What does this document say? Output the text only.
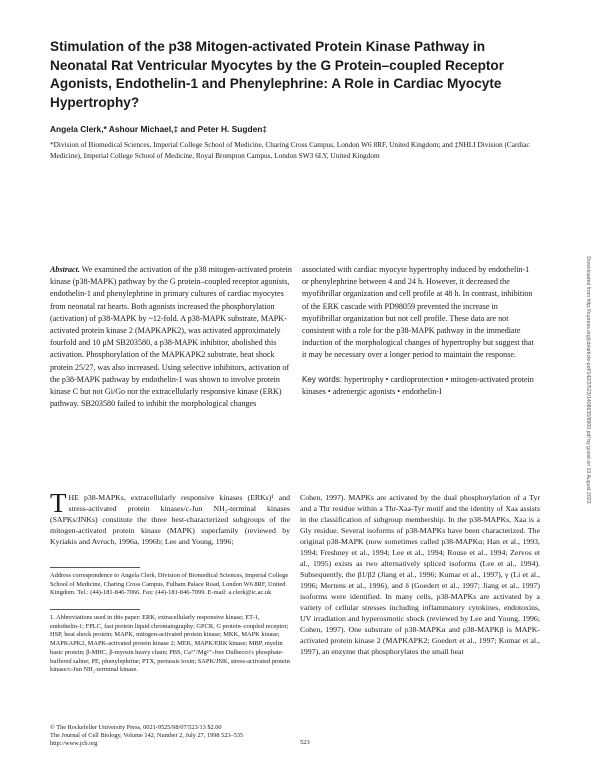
Stimulation of the p38 Mitogen-activated Protein Kinase Pathway in Neonatal Rat Ventricular Myocytes by the G Protein–coupled Receptor Agonists, Endothelin-1 and Phenylephrine: A Role in Cardiac Myocyte Hypertrophy?
Angela Clerk,* Ashour Michael,‡ and Peter H. Sugden‡
*Division of Biomedical Sciences, Imperial College School of Medicine, Charing Cross Campus, London W6 8RF, United Kingdom; and ‡NHLI Division (Cardiac Medicine), Imperial College School of Medicine, Royal Brompton Campus, London SW3 6LY, United Kingdom
Abstract. We examined the activation of the p38 mitogen-activated protein kinase (p38-MAPK) pathway by the G protein–coupled receptor agonists, endothelin-1 and phenylephrine in primary cultures of cardiac myocytes from neonatal rat hearts. Both agonists increased the phosphorylation (activation) of p38-MAPK by ~12-fold. A p38-MAPK substrate, MAPK-activated protein kinase 2 (MAPKAPK2), was activated approximately fourfold and 10 μM SB203580, a p38-MAPK inhibitor, abolished this activation. Phosphorylation of the MAPKAPK2 substrate, heat shock protein 25/27, was also increased. Using selective inhibitors, activation of the p38-MAPK pathway by endothelin-1 was shown to involve protein kinase C but not Gi/Go nor the extracellularly responsive kinase (ERK) pathway. SB203580 failed to inhibit the morphological changes

associated with cardiac myocyte hypertrophy induced by endothelin-1 or phenylephrine between 4 and 24 h. However, it decreased the myofibrillar organization and cell profile at 48 h. In contrast, inhibition of the ERK cascade with PD98059 prevented the increase in myofibrillar organization but not cell profile. These data are not consistent with a role for the p38-MAPK pathway in the immediate induction of the morphological changes of hypertrophy but suggest that it may be necessary over a longer period to maintain the response.

Key words: hypertrophy • cardioprotection • mitogen-activated protein kinases • adrenergic agonists • endothelin-I

T HE p38-MAPKs, extracellularly responsive kinases (ERKs)¹ and stress-activated protein kinases/c-Jun NH₂-terminal kinases (SAPKs/JNKs) constitute the three best-characterized subgroups of the mitogen-activated protein kinase (MAPK) superfamily (reviewed by Kyriakis and Avruch, 1996a, 1996b; Lee and Young, 1996;
Cohen, 1997). MAPKs are activated by the dual phosphorylation of a Tyr and a Thr residue within a Thr-Xaa-Tyr motif and the identity of Xaa assists in the classification of subgroup membership. In the p38-MAPKs, Xaa is a Gly residue. Several isoforms of p38-MAPKs have been characterized. The original p38-MAPK (now sometimes called p38-MAPKα; Han et al., 1993, 1994; Freshney et al., 1994; Lee et al., 1994; Rouse et al., 1994; Zervos et al., 1995) exists as two alternatively spliced isoforms (Lee et al., 1994). Subsequently, the β1/β2 (Jiang et al., 1996; Kumar et al., 1997), γ (Li et al., 1996; Mertens et al., 1996), and δ (Goedert et al., 1997; Jiang et al., 1997) isoforms were identified. In many cells, p38-MAPKs are activated by a variety of cellular stresses including inflammatory cytokines, endotoxins, UV irradiation and hyperosmotic shock (reviewed by Lee and Young, 1996; Cohen, 1997). One substrate of p38-MAPKα and p38-MAPKβ is MAPK-activated protein kinase 2 (MAPKAPK2; Goedert et al., 1997; Kumar et al., 1997), an enzyme that phosphorylates the small heat
Address correspondence to Angela Clerk, Division of Biomedical Sciences, Imperial College School of Medicine, Charing Cross Campus, Fulham Palace Road, London W6 8RF, United Kingdom. Tel.: (44)-181-846-7066. Fax: (44)-181-846-7099. E-mail: a.clerk@ic.ac.uk
1. Abbreviations used in this paper: ERK, extracellularly responsive kinase; ET-1, endothelin-1; FPLC, fast protein liquid chromatography; GPCR, G protein–coupled receptor; HSP, heat shock protein; MAPK, mitogen-activated protein kinase; MKK, MAPK kinase; MAPKAPK2, MAPK-activated protein kinase 2; MEK, MAPK/ERK kinase; MBP, myelin basic protein; β-MHC, β-myosin heavy chain; PBS, Ca²⁺/Mg²⁺-free Dulbecco's phosphate-buffered saline; PE, phenylephrine; PTX, pertussis toxin; SAPK/JNK, stress-activated protein kinase/c-Jun NH₂-terminal kinase.
© The Rockefeller University Press, 0021-9525/98/07/523/13 $2.00
The Journal of Cell Biology, Volume 142, Number 2, July 27, 1998 523–535
http://www.jcb.org	523
Downloaded from http://rupress.org/jcb/article-pdf/142/2/523/1408635/8900.pdf by guest on 10 August 2023
